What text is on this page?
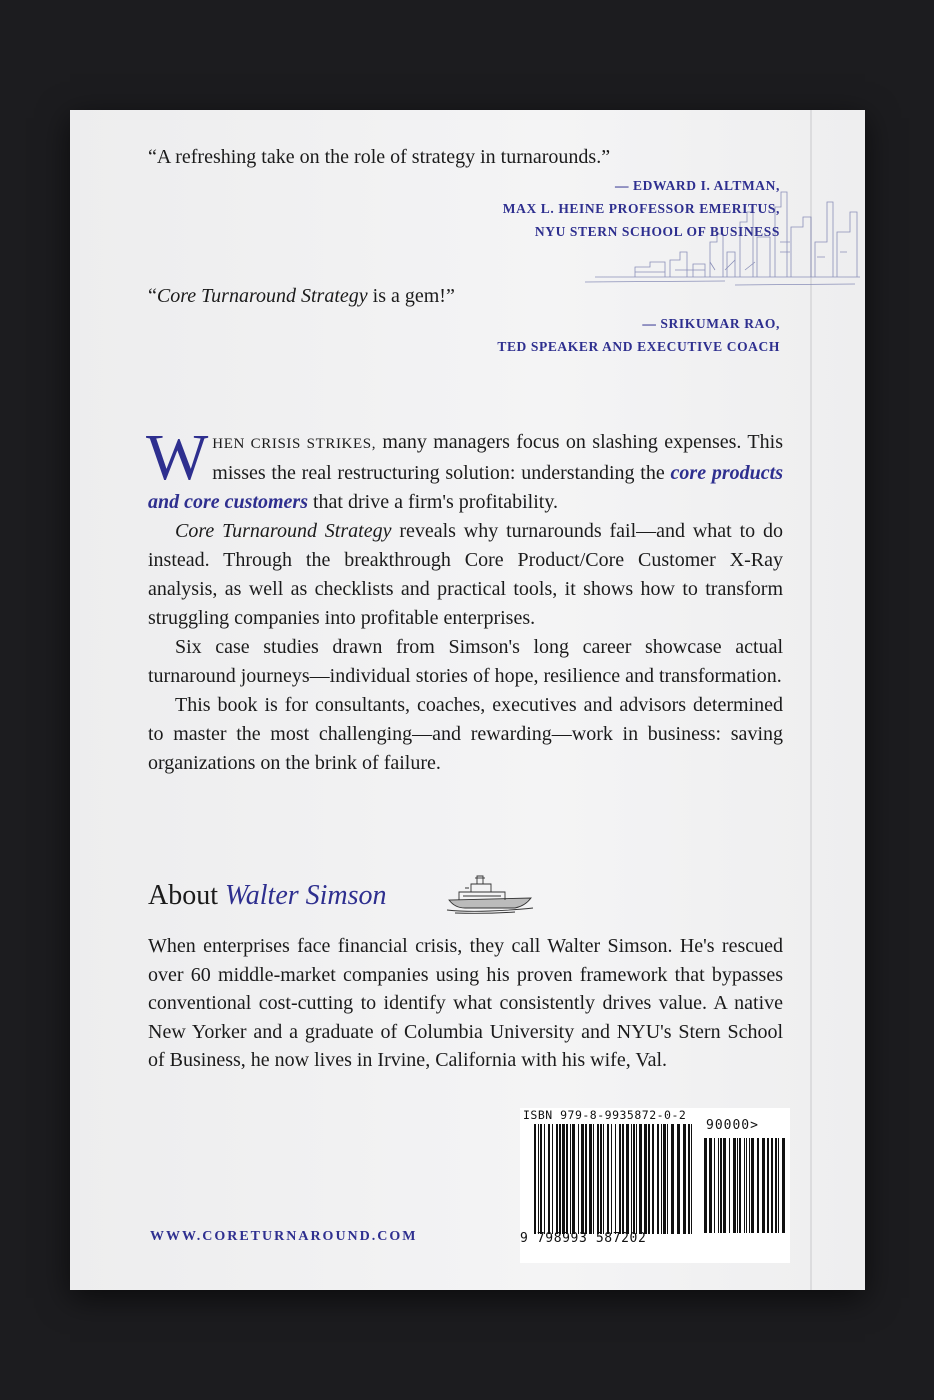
“A refreshing take on the role of strategy in turnarounds.”
— EDWARD I. ALTMAN,
MAX L. HEINE PROFESSOR EMERITUS,
NYU STERN SCHOOL OF BUSINESS
“Core Turnaround Strategy is a gem!”
— SRIKUMAR RAO,
TED SPEAKER AND EXECUTIVE COACH

WHEN CRISIS STRIKES, many managers focus on slashing expenses. This misses the real restructuring solution: understanding the core products and core customers that drive a firm's profitability.

Core Turnaround Strategy reveals why turnarounds fail—and what to do instead. Through the breakthrough Core Product/Core Customer X-Ray analysis, as well as checklists and practical tools, it shows how to transform struggling companies into profitable enterprises.

Six case studies drawn from Simson's long career showcase actual turnaround journeys—individual stories of hope, resilience and transformation.

This book is for consultants, coaches, executives and advisors determined to master the most challenging—and rewarding—work in business: saving organizations on the brink of failure.

About Walter Simson

When enterprises face financial crisis, they call Walter Simson. He's rescued over 60 middle-market companies using his proven framework that bypasses conventional cost-cutting to identify what consistently drives value. A native New Yorker and a graduate of Columbia University and NYU's Stern School of Business, he now lives in Irvine, California with his wife, Val.

WWW.CORETURNAROUND.COM
ISBN 979-8-9935872-0-2
90000>
9 798993 587202
